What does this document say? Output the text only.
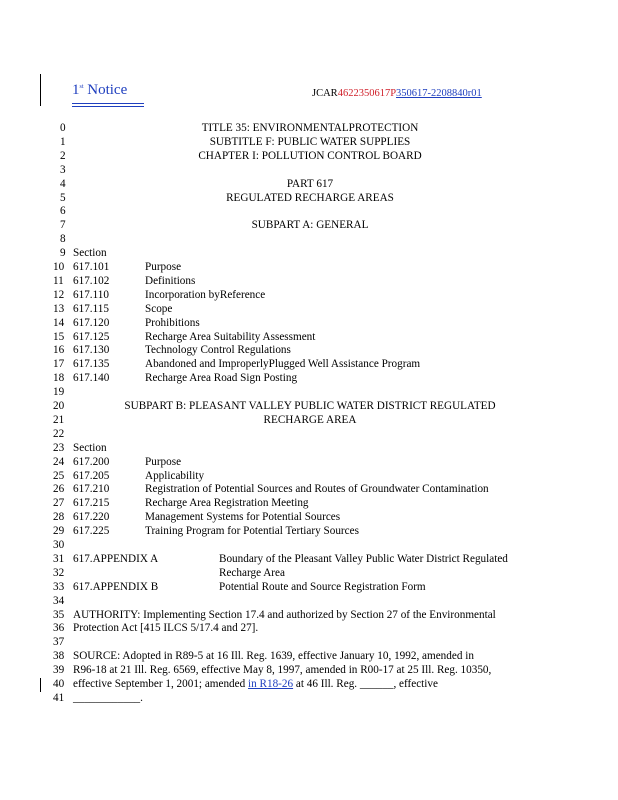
1st Notice	JCAR4622350617P350617-2208840r01
0	TITLE 35: ENVIRONMENTALPROTECTION
1	SUBTITLE F: PUBLIC WATER SUPPLIES
2	CHAPTER I: POLLUTION CONTROL BOARD
3
4	PART 617
5	REGULATED RECHARGE AREAS
6
7	SUBPART A: GENERAL
8
9 Section
10 617.101	Purpose
11 617.102	Definitions
12 617.110	Incorporation byReference
13 617.115	Scope
14 617.120	Prohibitions
15 617.125	Recharge Area Suitability Assessment
16 617.130	Technology Control Regulations
17 617.135	Abandoned and ImproperlyPlugged Well Assistance Program
18 617.140	Recharge Area Road Sign Posting
19
20	SUBPART B: PLEASANT VALLEY PUBLIC WATER DISTRICT REGULATED
21	RECHARGE AREA
22
23 Section
24 617.200	Purpose
25 617.205	Applicability
26 617.210	Registration of Potential Sources and Routes of Groundwater Contamination
27 617.215	Recharge Area Registration Meeting
28 617.220	Management Systems for Potential Sources
29 617.225	Training Program for Potential Tertiary Sources
30
31 617.APPENDIX A	Boundary of the Pleasant Valley Public Water District Regulated
32	Recharge Area
33 617.APPENDIX B	Potential Route and Source Registration Form
34
35 AUTHORITY: Implementing Section 17.4 and authorized by Section 27 of the Environmental
36 Protection Act [415 ILCS 5/17.4 and 27].
37
38 SOURCE: Adopted in R89-5 at 16 Ill. Reg. 1639, effective January 10, 1992, amended in
39 R96-18 at 21 Ill. Reg. 6569, effective May 8, 1997, amended in R00-17 at 25 Ill. Reg. 10350,
40 effective September 1, 2001; amended in R18-26 at 46 Ill. Reg. ______, effective
41 ____________.
